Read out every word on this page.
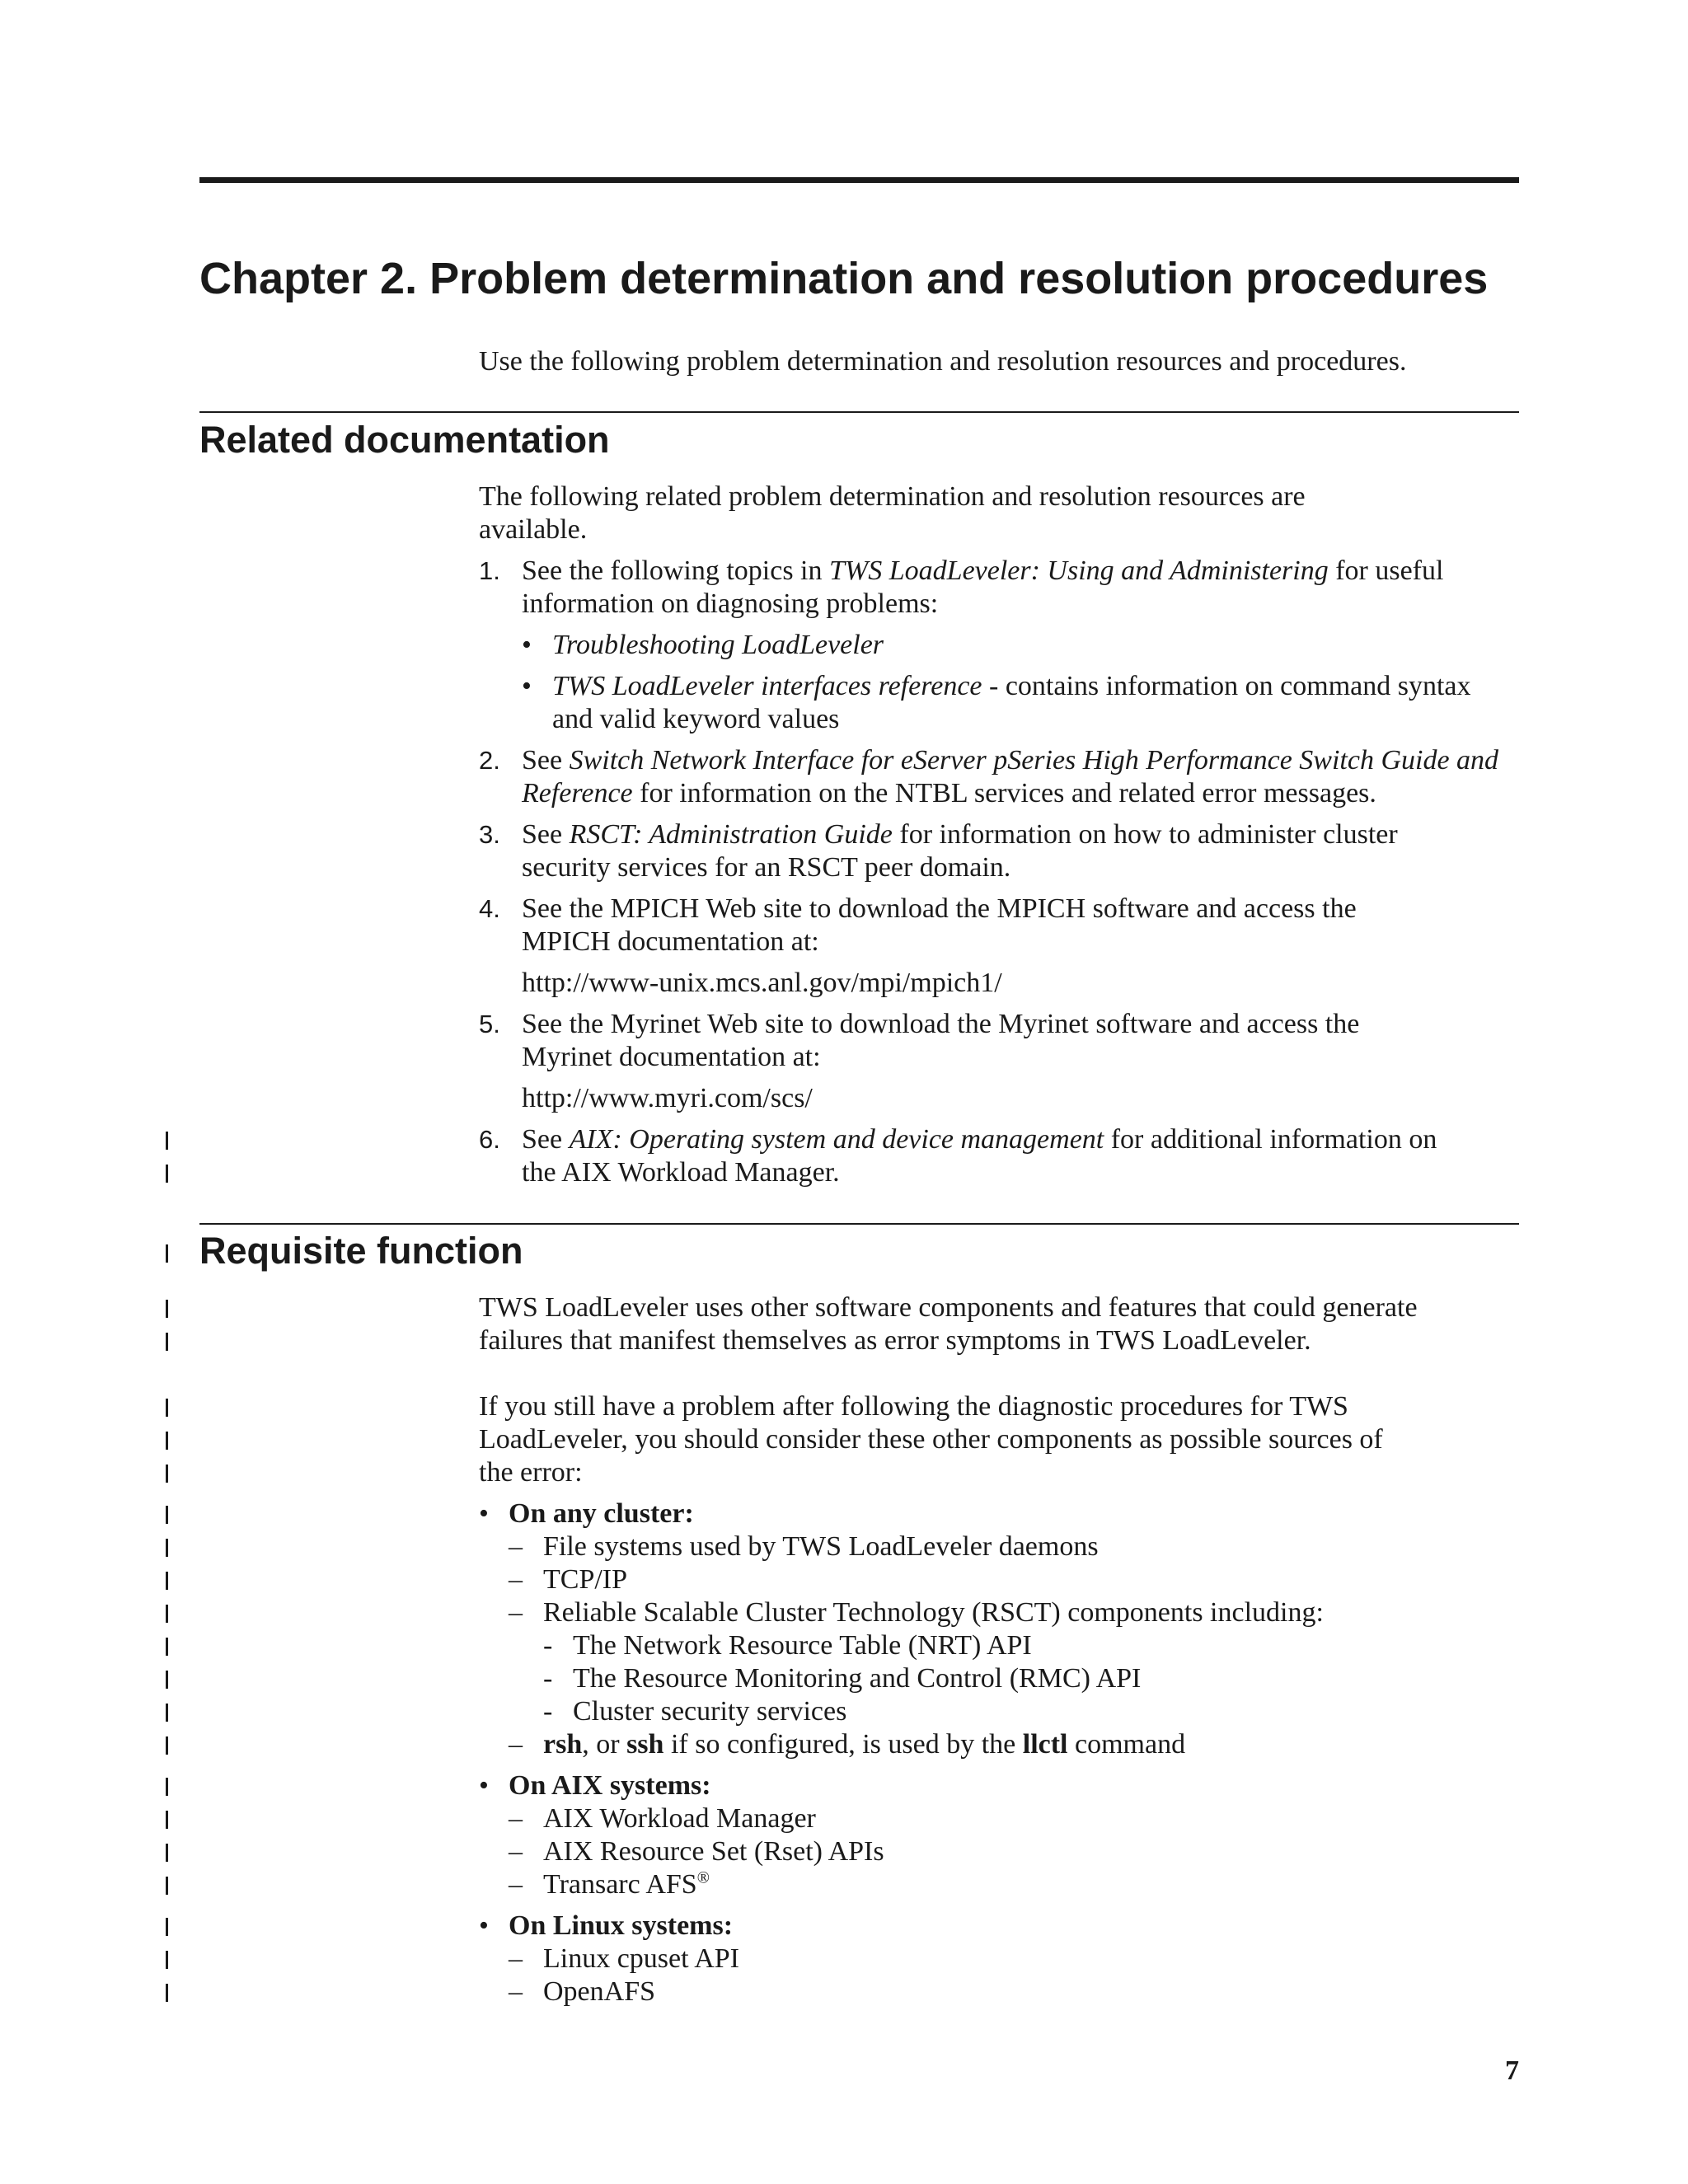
Chapter 2. Problem determination and resolution procedures
Use the following problem determination and resolution resources and procedures.
Related documentation
The following related problem determination and resolution resources are
available.
1. See the following topics in TWS LoadLeveler: Using and Administering for useful
information on diagnosing problems:
• Troubleshooting LoadLeveler
• TWS LoadLeveler interfaces reference - contains information on command syntax
and valid keyword values
2. See Switch Network Interface for eServer pSeries High Performance Switch Guide and
Reference for information on the NTBL services and related error messages.
3. See RSCT: Administration Guide for information on how to administer cluster
security services for an RSCT peer domain.
4. See the MPICH Web site to download the MPICH software and access the
MPICH documentation at:
http://www-unix.mcs.anl.gov/mpi/mpich1/
5. See the Myrinet Web site to download the Myrinet software and access the
Myrinet documentation at:
http://www.myri.com/scs/
6. See AIX: Operating system and device management for additional information on
the AIX Workload Manager.
Requisite function
TWS LoadLeveler uses other software components and features that could generate
failures that manifest themselves as error symptoms in TWS LoadLeveler.
If you still have a problem after following the diagnostic procedures for TWS
LoadLeveler, you should consider these other components as possible sources of
the error:
• On any cluster:
– File systems used by TWS LoadLeveler daemons
– TCP/IP
– Reliable Scalable Cluster Technology (RSCT) components including:
- The Network Resource Table (NRT) API
- The Resource Monitoring and Control (RMC) API
- Cluster security services
– rsh, or ssh if so configured, is used by the llctl command
• On AIX systems:
– AIX Workload Manager
– AIX Resource Set (Rset) APIs
– Transarc AFS®
• On Linux systems:
– Linux cpuset API
– OpenAFS
7
